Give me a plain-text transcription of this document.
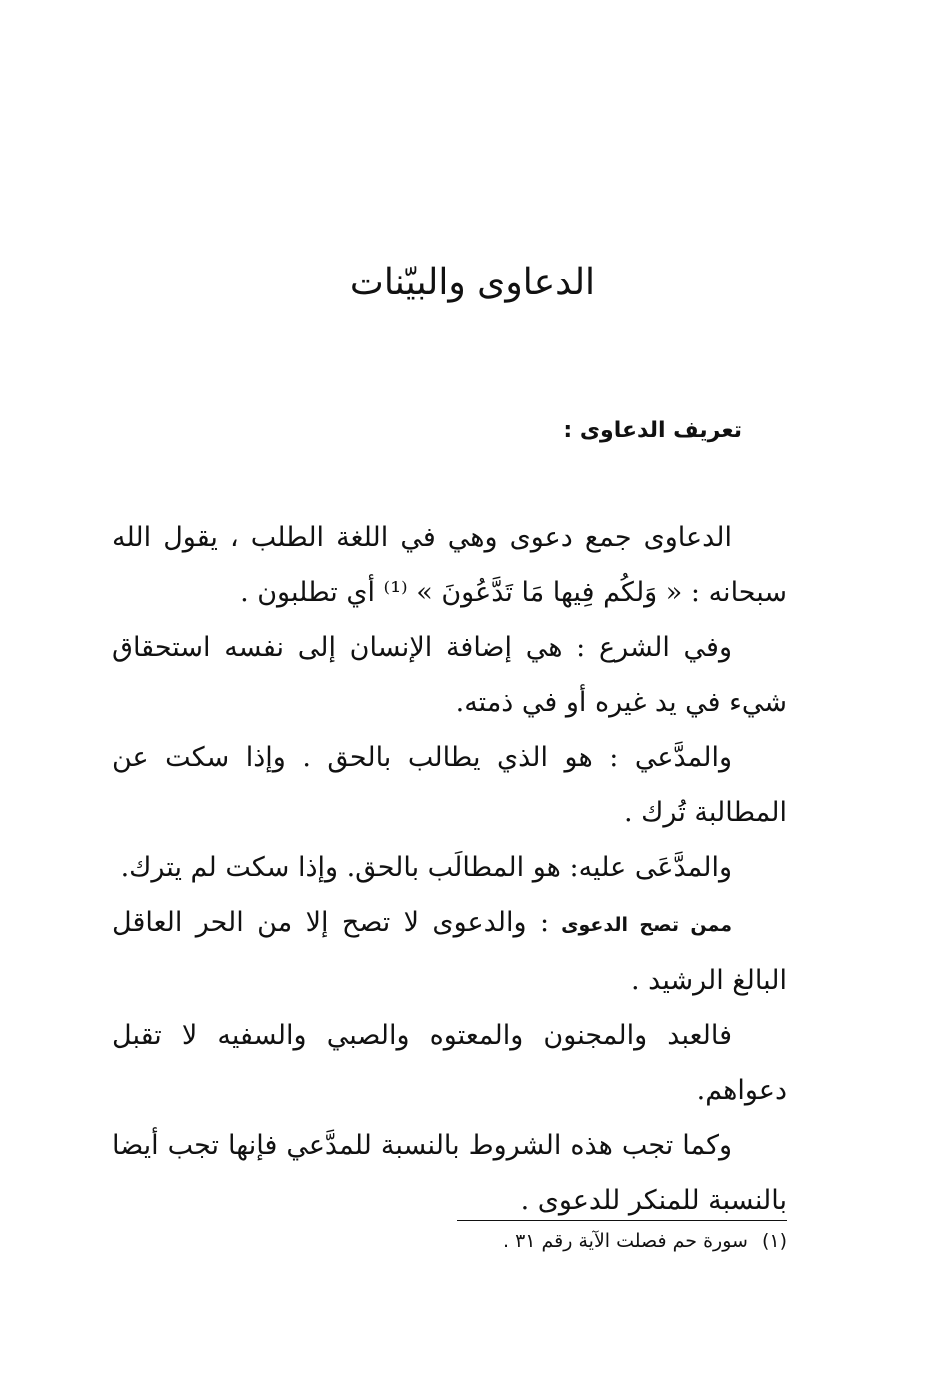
الدعاوى والبيّنات
تعريف الدعاوى :

الدعاوى جمع دعوى وهي في اللغة الطلب ، يقول الله سبحانه : « وَلكُم فِيها مَا تَدَّعُونَ » ⁽¹⁾ أي تطلبون .

وفي الشرع : هي إضافة الإنسان إلى نفسه استحقاق شيء في يد غيره أو في ذمته.

والمدَّعي : هو الذي يطالب بالحق . وإذا سكت عن المطالبة تُرك .

والمدَّعَى عليه: هو المطالَب بالحق. وإذا سكت لم يترك.

ممن تصح الدعوى: والدعوى لا تصح إلا من الحر العاقل البالغ الرشيد .

فالعبد والمجنون والمعتوه والصبي والسفيه لا تقبل دعواهم.

وكما تجب هذه الشروط بالنسبة للمدَّعي فإنها تجب أيضا بالنسبة للمنكر للدعوى .

(١)سورة حم فصلت الآية رقم ٣١ .
